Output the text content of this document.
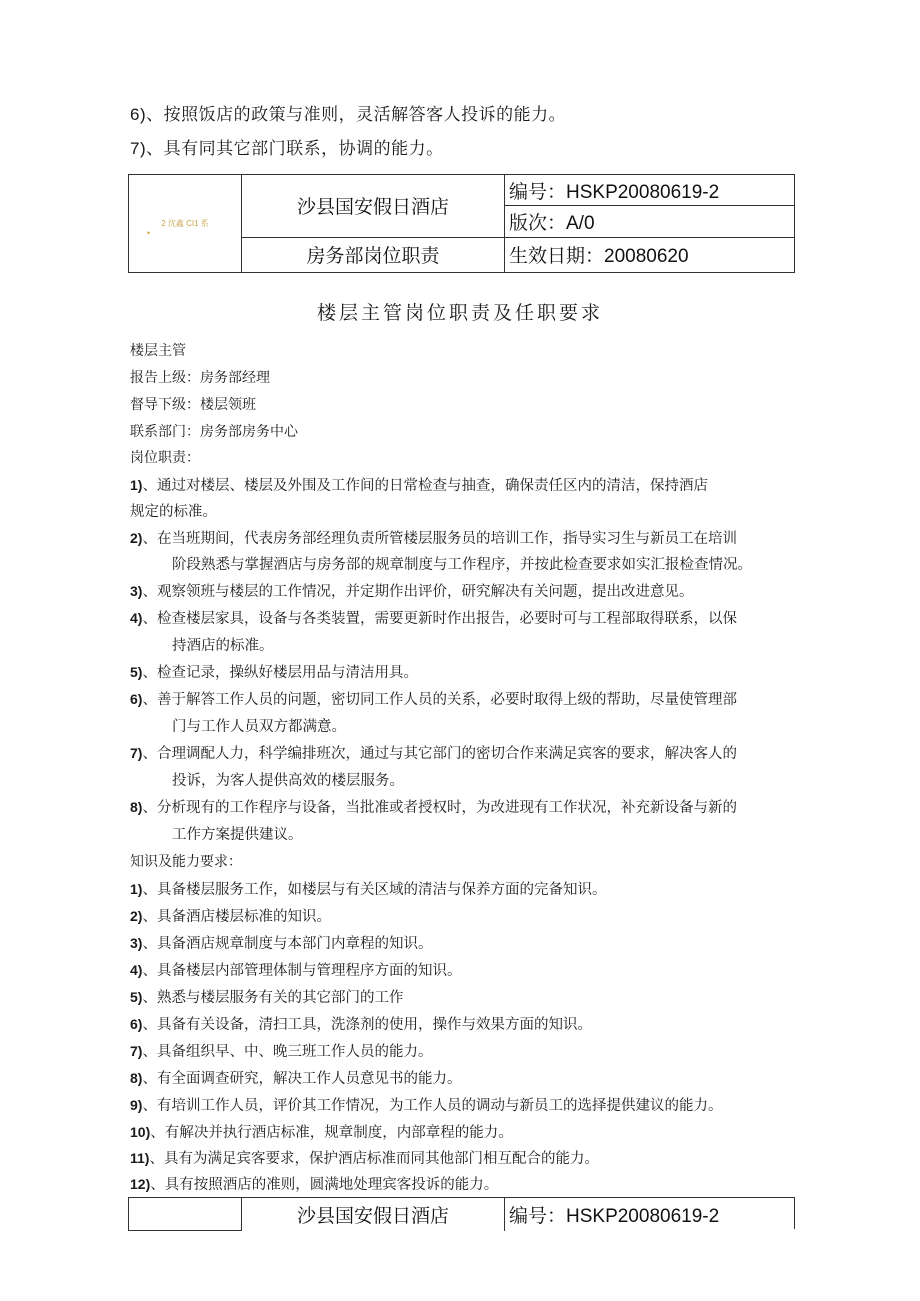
6)、按照饭店的政策与准则，灵活解答客人投诉的能力。
7)、具有同其它部门联系，协调的能力。
•
2 沈鑫 CI1 系	沙县国安假日酒店	编号：HSKP20080619-2
		版次：A/0
	房务部岗位职责	生效日期：20080620
楼层主管岗位职责及任职要求
楼层主管
报告上级：房务部经理
督导下级：楼层领班
联系部门：房务部房务中心
岗位职责：
1)、通过对楼层、楼层及外围及工作间的日常检查与抽查，确保责任区内的清洁，保持酒店
规定的标准。
2)、在当班期间，代表房务部经理负责所管楼层服务员的培训工作，指导实习生与新员工在培训
阶段熟悉与掌握酒店与房务部的规章制度与工作程序，并按此检查要求如实汇报检查情况。
3)、观察领班与楼层的工作情况，并定期作出评价，研究解决有关问题，提出改进意见。
4)、检查楼层家具，设备与各类装置，需要更新时作出报告，必要时可与工程部取得联系，以保
持酒店的标准。
5)、检查记录，操纵好楼层用品与清洁用具。
6)、善于解答工作人员的问题，密切同工作人员的关系，必要时取得上级的帮助，尽量使管理部
门与工作人员双方都满意。
7)、合理调配人力，科学编排班次，通过与其它部门的密切合作来满足宾客的要求，解决客人的
投诉，为客人提供高效的楼层服务。
8)、分析现有的工作程序与设备，当批准或者授权时，为改进现有工作状况，补充新设备与新的
工作方案提供建议。
知识及能力要求：
1)、具备楼层服务工作，如楼层与有关区域的清洁与保养方面的完备知识。
2)、具备酒店楼层标准的知识。
3)、具备酒店规章制度与本部门内章程的知识。
4)、具备楼层内部管理体制与管理程序方面的知识。
5)、熟悉与楼层服务有关的其它部门的工作
6)、具备有关设备，清扫工具，洗涤剂的使用，操作与效果方面的知识。
7)、具备组织早、中、晚三班工作人员的能力。
8)、有全面调查研究，解决工作人员意见书的能力。
9)、有培训工作人员，评价其工作情况，为工作人员的调动与新员工的选择提供建议的能力。
10)、有解决并执行酒店标准，规章制度，内部章程的能力。
11)、具有为满足宾客要求，保护酒店标准而同其他部门相互配合的能力。
12)、具有按照酒店的准则，圆满地处理宾客投诉的能力。
	沙县国安假日酒店	编号：HSKP20080619-2
